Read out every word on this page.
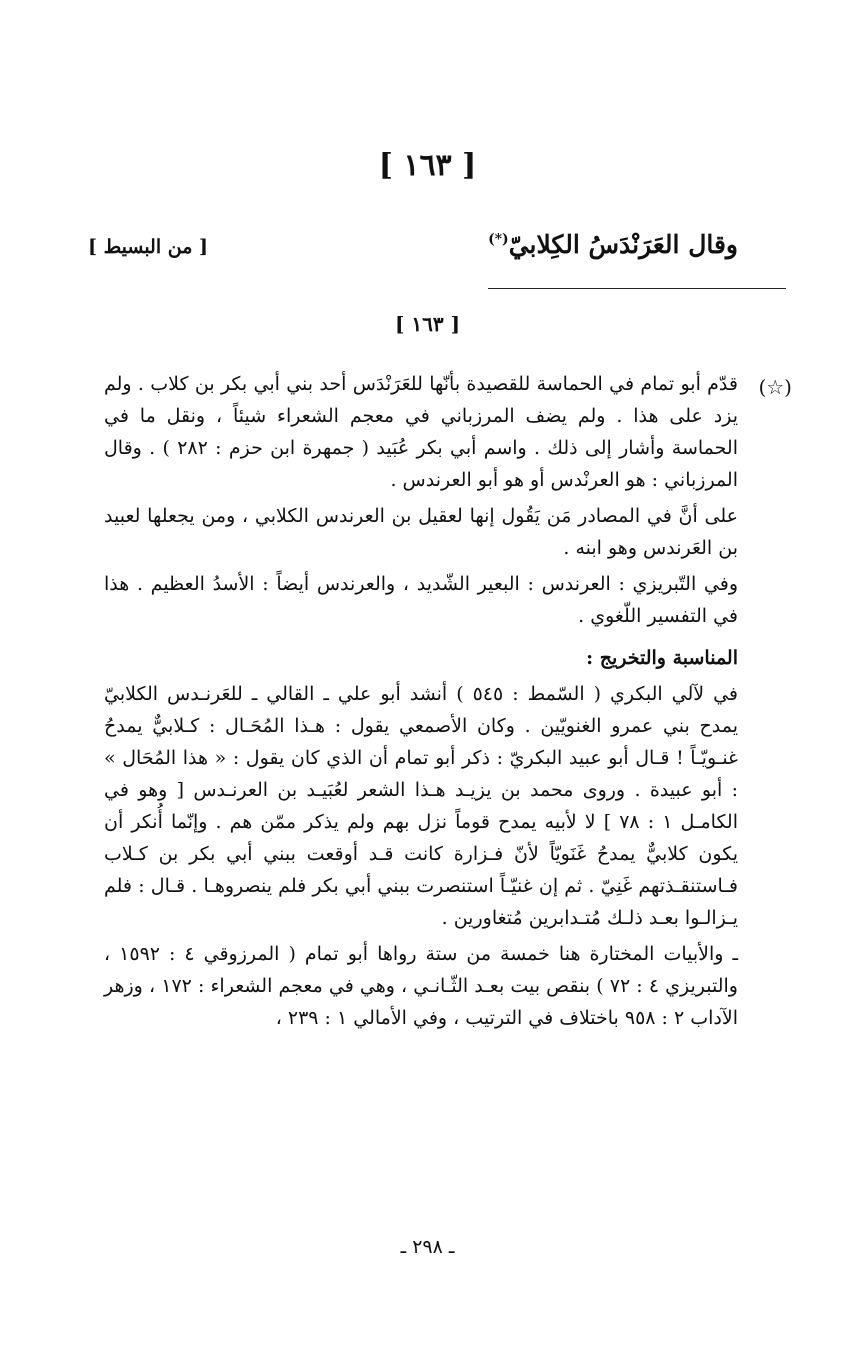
[ ١٦٣ ]
وقال العَرَنْدَسُ الكِلابيّ(*)
[ من البسيط ]
[ ١٦٣ ]
(☆)

قدّم أبو تمام في الحماسة للقصيدة بأنّها للعَرَنْدَس أحد بني أبي بكر بن كلاب . ولم يزد على هذا . ولم يضف المرزباني في معجم الشعراء شيئاً ، ونقل ما في الحماسة وأشار إلى ذلك . واسم أبي بكر عُبَيد ( جمهرة ابن حزم : ٢٨٢ ) . وقال المرزباني : هو العرنْدس أو هو أبو العرندس .

على أنَّ في المصادر مَن يَقُول إنها لعقيل بن العرندس الكلابي ، ومن يجعلها لعبيد بن العَرندس وهو ابنه .

وفي التّبريزي : العرندس : البعير الشّديد ، والعرندس أيضاً : الأسدُ العظيم . هذا في التفسير اللّغوي .

المناسبة والتخريج :

في لآلي البكري ( السّمط : ٥٤٥ ) أنشد أبو علي ـ القالي ـ للعَرنـدس الكلابيّ يمدح بني عمرو الغنويّين . وكان الأصمعي يقول : هـذا المُحَـال : كـلابيٌّ يمدحُ غنـويّـاً ! قـال أبو عبيد البكريّ : ذكر أبو تمام أن الذي كان يقول : « هذا المُحَال » : أبو عبيدة . وروى محمد بن يزيـد هـذا الشعر لعُبَيـد بن العرنـدس [ وهو في الكامـل ١ : ٧٨ ] لا لأبيه يمدح قوماً نزل بهم ولم يذكر ممّن هم . وإنّما أُنكر أن يكون كلابيٌّ يمدحُ غَنَويّاً لأنّ فـزارة كانت قـد أوقعت ببني أبي بكر بن كـلاب فـاستنقـذتهم غَنِيّ . ثم إن غنيّـاً استنصرت ببني أبي بكر فلم ينصروهـا . قـال : فلم يـزالـوا بعـد ذلـك مُتـدابرين مُتغاورين .

ـ والأبيات المختارة هنا خمسة من ستة رواها أبو تمام ( المرزوقي ٤ : ١٥٩٢ ، والتبريزي ٤ : ٧٢ ) بنقص بيت بعـد الثّـانـي ، وهي في معجم الشعراء : ١٧٢ ، وزهر الآداب ٢ : ٩٥٨ باختلاف في الترتيب ، وفي الأمالي ١ : ٢٣٩ ،

ـ ٢٩٨ ـ
